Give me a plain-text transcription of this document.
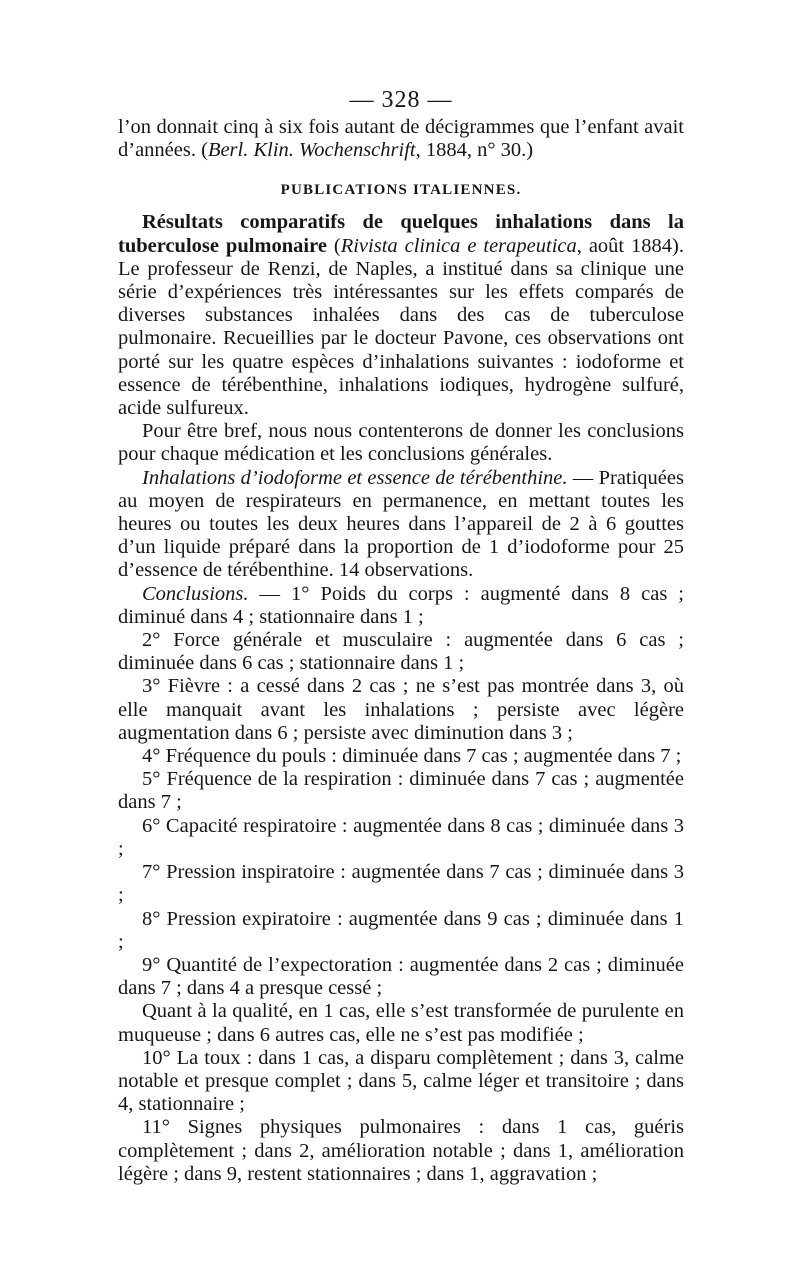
— 328 —

l’on donnait cinq à six fois autant de décigrammes que l’enfant avait d’années. (Berl. Klin. Wochenschrift, 1884, n° 30.)

PUBLICATIONS ITALIENNES.

Résultats comparatifs de quelques inhalations dans la tuberculose pulmonaire (Rivista clinica e terapeutica, août 1884). Le professeur de Renzi, de Naples, a institué dans sa clinique une série d’expériences très intéressantes sur les effets comparés de diverses substances inhalées dans des cas de tuberculose pulmonaire. Recueillies par le docteur Pavone, ces observations ont porté sur les quatre espèces d’inhalations suivantes : iodoforme et essence de térébenthine, inhalations iodiques, hydrogène sulfuré, acide sulfureux.

Pour être bref, nous nous contenterons de donner les conclusions pour chaque médication et les conclusions générales.

Inhalations d’iodoforme et essence de térébenthine. — Pratiquées au moyen de respirateurs en permanence, en mettant toutes les heures ou toutes les deux heures dans l’appareil de 2 à 6 gouttes d’un liquide préparé dans la proportion de 1 d’iodoforme pour 25 d’essence de térébenthine. 14 observations.

Conclusions. — 1° Poids du corps : augmenté dans 8 cas ; diminué dans 4 ; stationnaire dans 1 ;

2° Force générale et musculaire : augmentée dans 6 cas ; diminuée dans 6 cas ; stationnaire dans 1 ;

3° Fièvre : a cessé dans 2 cas ; ne s’est pas montrée dans 3, où elle manquait avant les inhalations ; persiste avec légère augmentation dans 6 ; persiste avec diminution dans 3 ;

4° Fréquence du pouls : diminuée dans 7 cas ; augmentée dans 7 ;

5° Fréquence de la respiration : diminuée dans 7 cas ; augmentée dans 7 ;

6° Capacité respiratoire : augmentée dans 8 cas ; diminuée dans 3 ;

7° Pression inspiratoire : augmentée dans 7 cas ; diminuée dans 3 ;

8° Pression expiratoire : augmentée dans 9 cas ; diminuée dans 1 ;

9° Quantité de l’expectoration : augmentée dans 2 cas ; diminuée dans 7 ; dans 4 a presque cessé ;

Quant à la qualité, en 1 cas, elle s’est transformée de purulente en muqueuse ; dans 6 autres cas, elle ne s’est pas modifiée ;

10° La toux : dans 1 cas, a disparu complètement ; dans 3, calme notable et presque complet ; dans 5, calme léger et transitoire ; dans 4, stationnaire ;

11° Signes physiques pulmonaires : dans 1 cas, guéris complètement ; dans 2, amélioration notable ; dans 1, amélioration légère ; dans 9, restent stationnaires ; dans 1, aggravation ;
